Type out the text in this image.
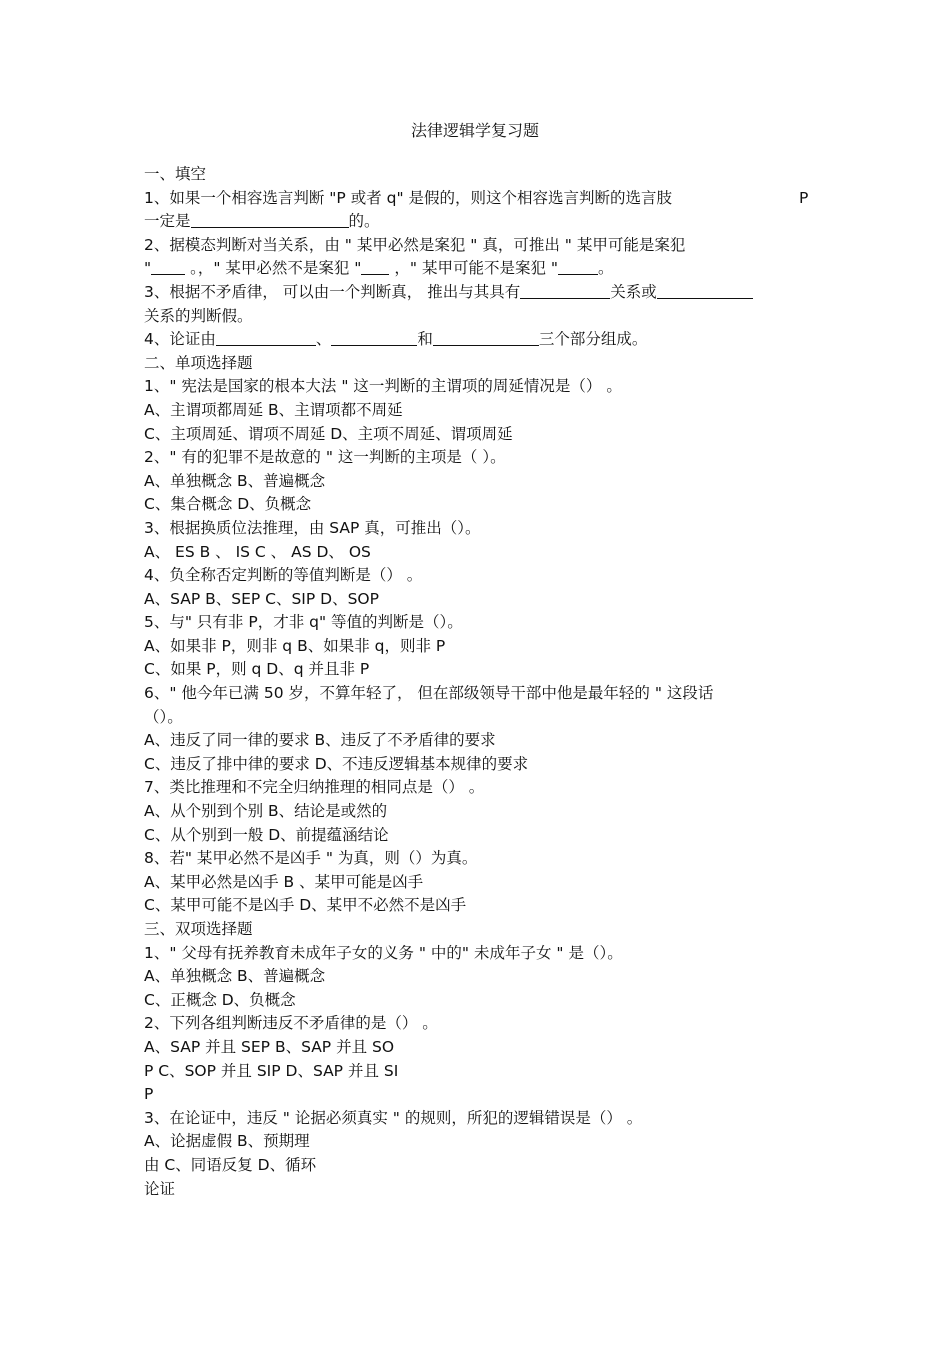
法律逻辑学复习题
一、填空
1、如果一个相容选言判断 "P 或者 q" 是假的，则这个相容选言判断的选言肢	P
一定是	的。
2、据模态判断对当关系，由 " 某甲必然是案犯 " 真，可推出 " 某甲可能是案犯
"	。，" 某甲必然不是案犯 " ，" 某甲可能不是案犯 "	。
3、根据不矛盾律， 可以由一个判断真， 推出与其具有	关系或
关系的判断假。
4、论证由	、	和	三个部分组成。
二、单项选择题
1、" 宪法是国家的根本大法 " 这一判断的主谓项的周延情况是（） 。
A、主谓项都周延 B、主谓项都不周延
C、主项周延、谓项不周延 D、主项不周延、谓项周延
2、" 有的犯罪不是故意的 " 这一判断的主项是（ ）。
A、单独概念 B、普遍概念
C、集合概念 D、负概念
3、根据换质位法推理，由 SAP 真，可推出（）。
A、 ES B 、 IS C 、 AS D、 OS
4、负全称否定判断的等值判断是（） 。
A、SAP B、SEP C、SIP D、SOP
5、与" 只有非 P，才非 q" 等值的判断是（）。
A、如果非 P，则非 q B、如果非 q，则非 P
C、如果 P，则 q D、q 并且非 P
6、" 他今年已满 50 岁，不算年轻了， 但在部级领导干部中他是最年轻的 " 这段话
（）。
A、违反了同一律的要求 B、违反了不矛盾律的要求
C、违反了排中律的要求 D、不违反逻辑基本规律的要求
7、类比推理和不完全归纳推理的相同点是（） 。
A、从个别到个别 B、结论是或然的
C、从个别到一般 D、前提蕴涵结论
8、若" 某甲必然不是凶手 " 为真，则（）为真。
A、某甲必然是凶手 B 、某甲可能是凶手
C、某甲可能不是凶手 D、某甲不必然不是凶手
三、双项选择题
1、" 父母有抚养教育未成年子女的义务 " 中的" 未成年子女 " 是（）。
A、单独概念 B、普遍概念
C、正概念 D、负概念
2、下列各组判断违反不矛盾律的是（） 。
A、SAP 并且 SEP B、SAP 并且 SO
P C、SOP 并且 SIP D、SAP 并且 SI
P
3、在论证中，违反 " 论据必须真实 " 的规则，所犯的逻辑错误是（） 。
A、论据虚假 B、预期理
由 C、同语反复 D、循环
论证
